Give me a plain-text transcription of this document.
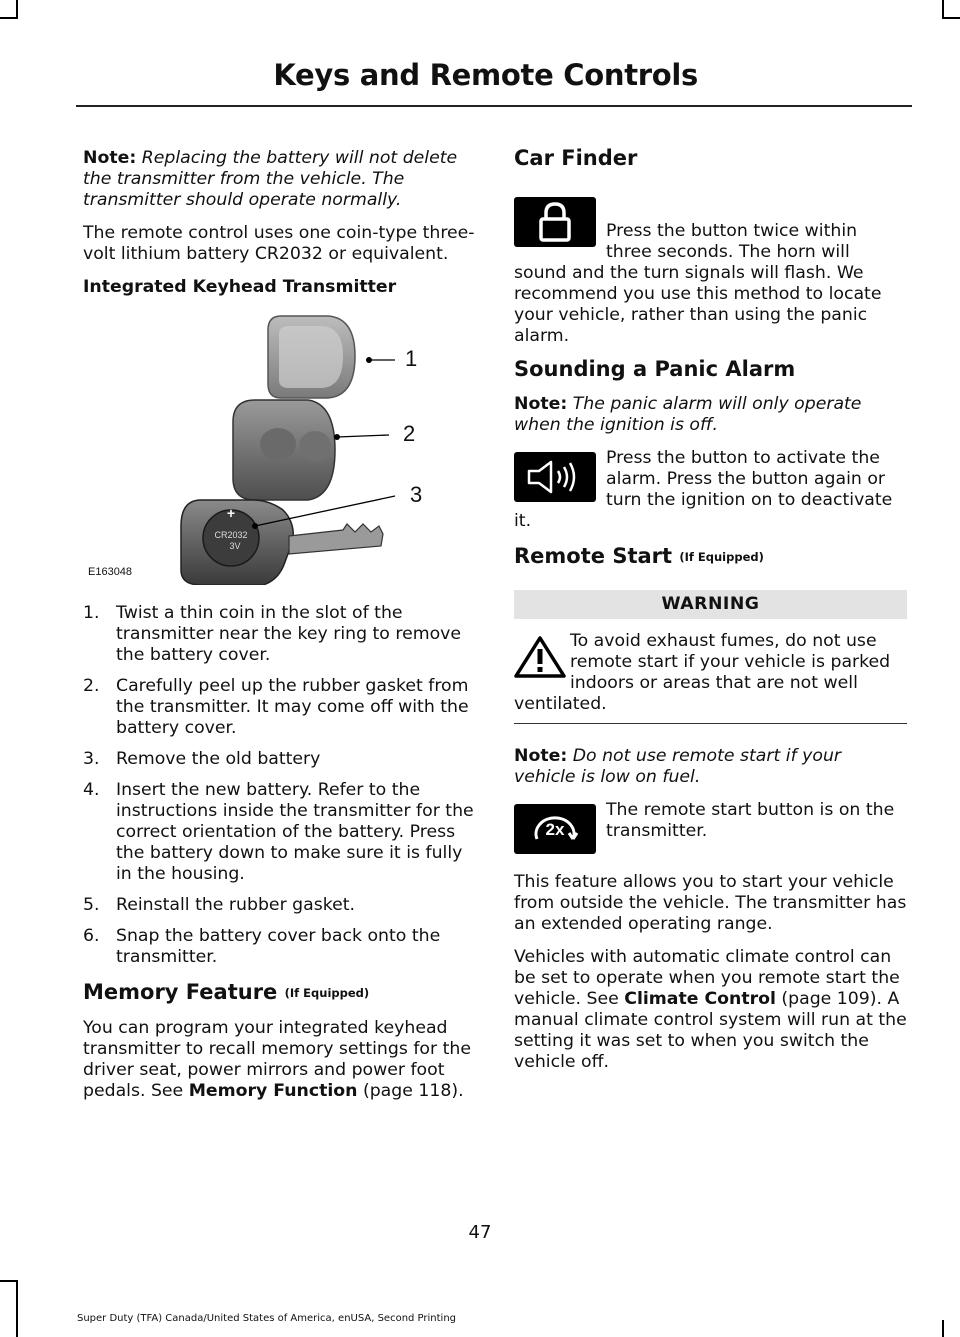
Keys and Remote Controls

Note: Replacing the battery will not delete the transmitter from the vehicle. The transmitter should operate normally.

The remote control uses one coin-type three-volt lithium battery CR2032 or equivalent.

Integrated Keyhead Transmitter
+
CR2032
3V
1
2
3
E163048
1. Twist a thin coin in the slot of the transmitter near the key ring to remove the battery cover.
2. Carefully peel up the rubber gasket from the transmitter. It may come off with the battery cover.
3. Remove the old battery
4. Insert the new battery. Refer to the instructions inside the transmitter for the correct orientation of the battery. Press the battery down to make sure it is fully in the housing.
5. Reinstall the rubber gasket.
6. Snap the battery cover back onto the transmitter.
Memory Feature (If Equipped)

You can program your integrated keyhead transmitter to recall memory settings for the driver seat, power mirrors and power foot pedals. See Memory Function (page 118).

Car Finder
Press the button twice within three seconds. The horn will sound and the turn signals will flash. We recommend you use this method to locate your vehicle, rather than using the panic alarm.
Sounding a Panic Alarm

Note: The panic alarm will only operate when the ignition is off.

Press the button to activate the alarm. Press the button again or turn the ignition on to deactivate it.
Remote Start (If Equipped)
WARNING
To avoid exhaust fumes, do not use remote start if your vehicle is parked indoors or areas that are not well ventilated.

Note: Do not use remote start if your vehicle is low on fuel.

2x
The remote start button is on the transmitter.

This feature allows you to start your vehicle from outside the vehicle. The transmitter has an extended operating range.

Vehicles with automatic climate control can be set to operate when you remote start the vehicle. See Climate Control (page 109). A manual climate control system will run at the setting it was set to when you switch the vehicle off.

47
Super Duty (TFA) Canada/United States of America, enUSA, Second Printing
